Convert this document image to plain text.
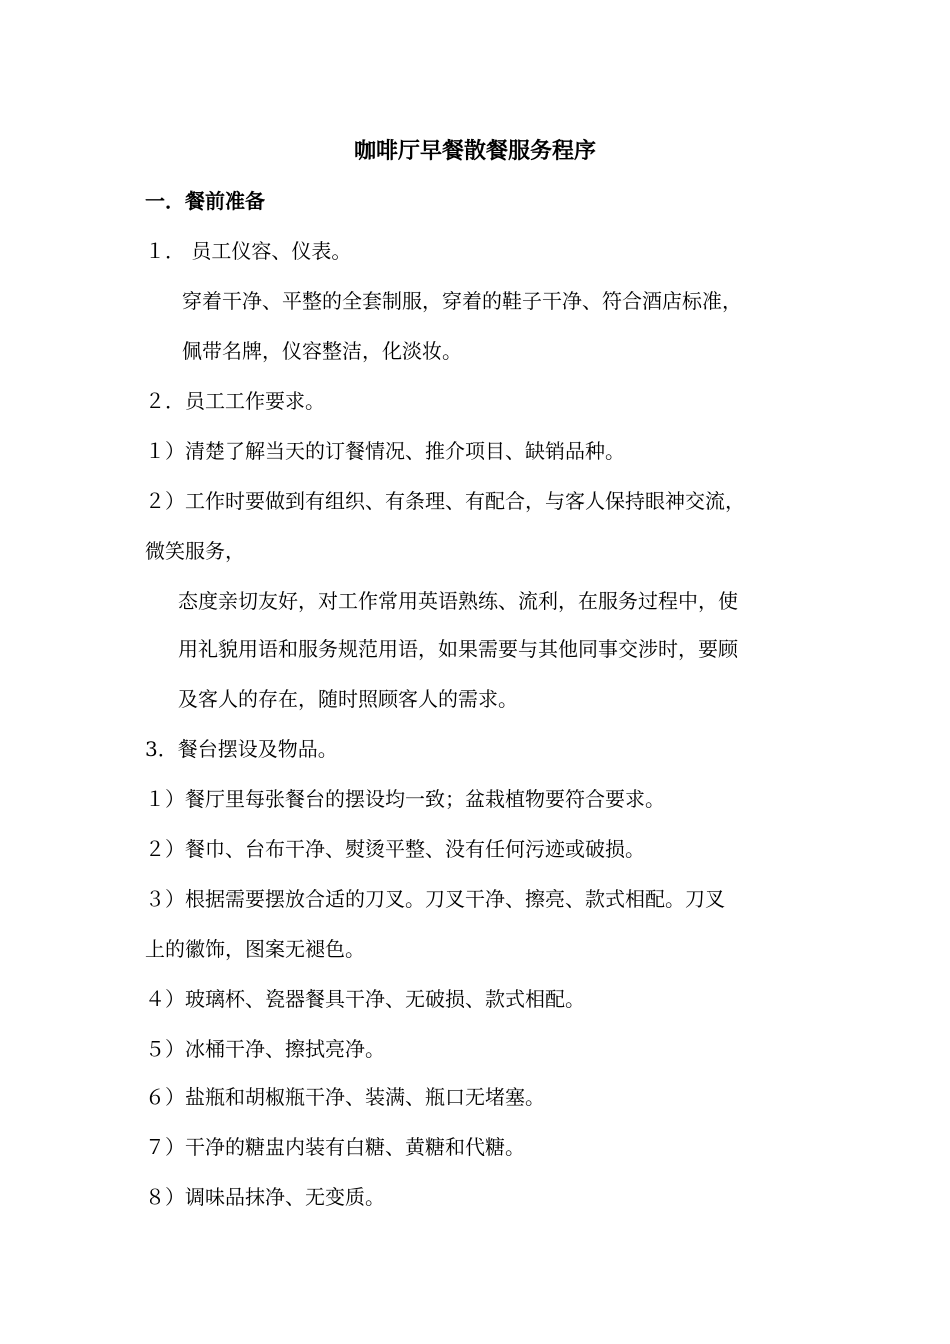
咖啡厅早餐散餐服务程序
一．餐前准备
１． 员工仪容、仪表。
穿着干净、平整的全套制服，穿着的鞋子干净、符合酒店标准，
佩带名牌，仪容整洁，化淡妆。
２．员工工作要求。
１）清楚了解当天的订餐情况、推介项目、缺销品种。
２）工作时要做到有组织、有条理、有配合，与客人保持眼神交流，
微笑服务，
态度亲切友好，对工作常用英语熟练、流利，在服务过程中，使
用礼貌用语和服务规范用语，如果需要与其他同事交涉时，要顾
及客人的存在，随时照顾客人的需求。
3．餐台摆设及物品。
１）餐厅里每张餐台的摆设均一致；盆栽植物要符合要求。
２）餐巾、台布干净、熨烫平整、没有任何污迹或破损。
３）根据需要摆放合适的刀叉。刀叉干净、擦亮、款式相配。刀叉
上的徽饰，图案无褪色。
４）玻璃杯、瓷器餐具干净、无破损、款式相配。
５）冰桶干净、擦拭亮净。
６）盐瓶和胡椒瓶干净、装满、瓶口无堵塞。
７）干净的糖盅内装有白糖、黄糖和代糖。
８）调味品抹净、无变质。
